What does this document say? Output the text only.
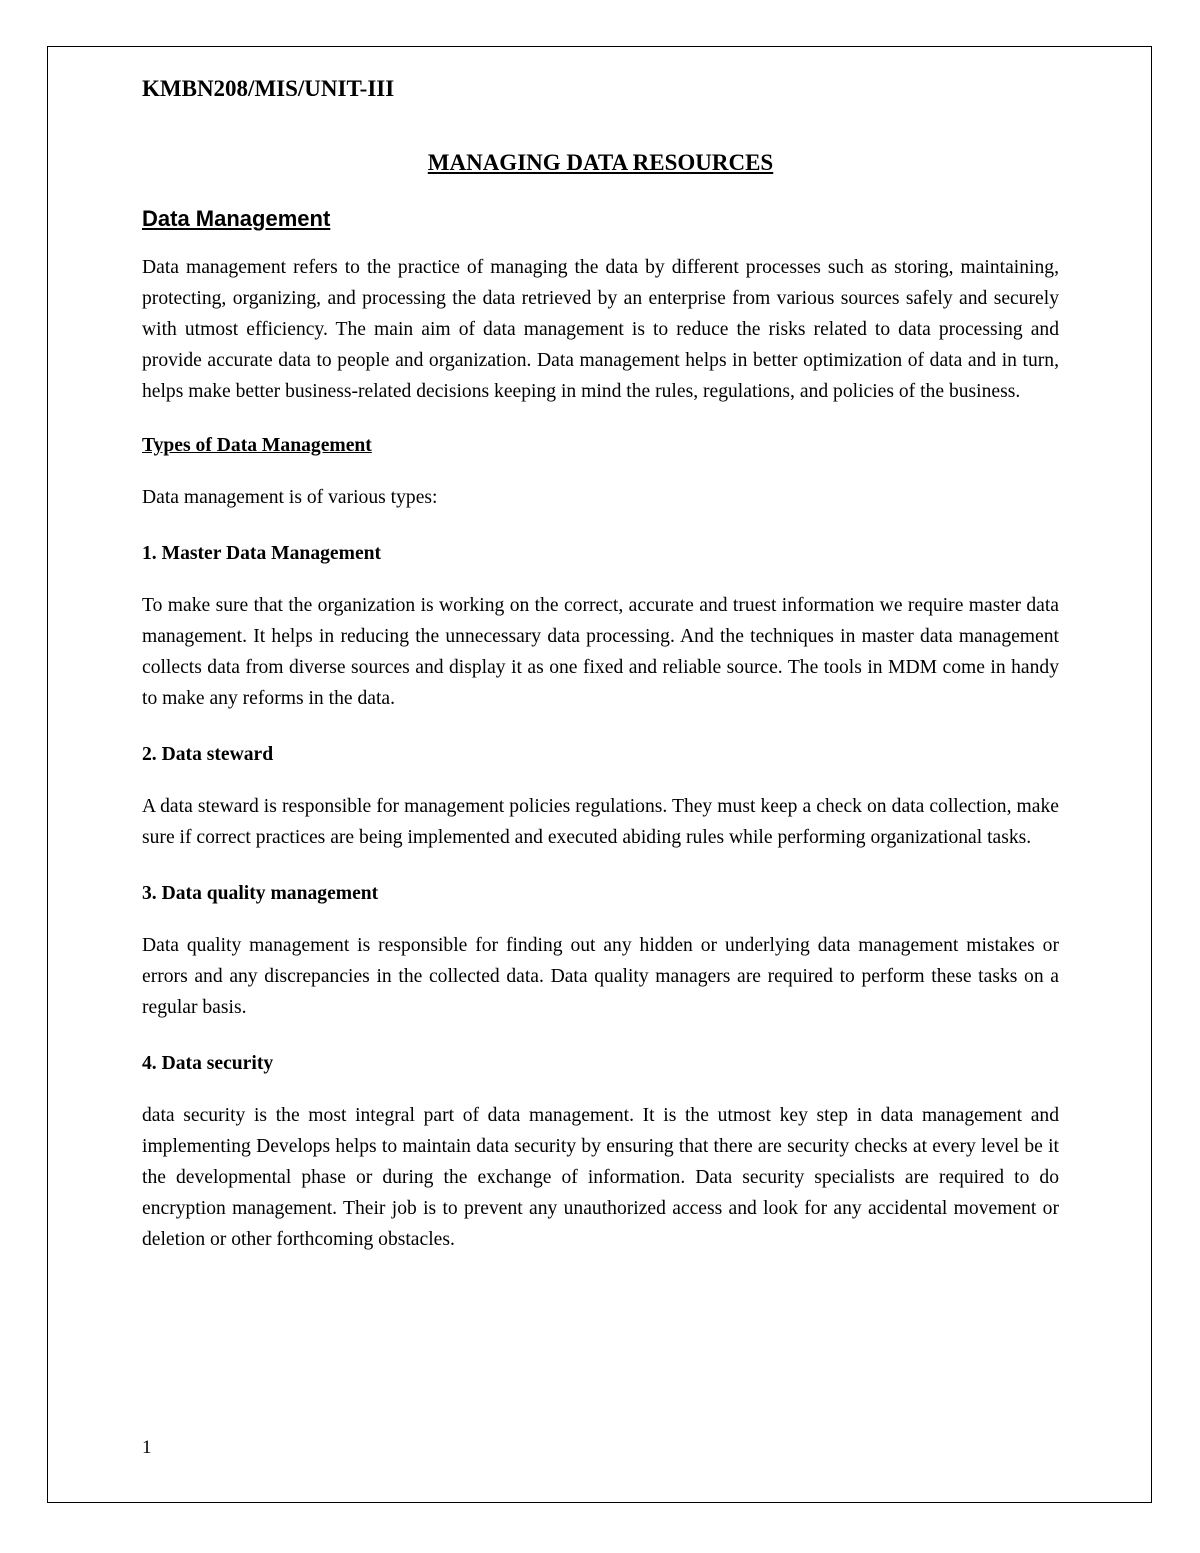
KMBN208/MIS/UNIT-III
MANAGING DATA RESOURCES
Data Management

Data management refers to the practice of managing the data by different processes such as storing, maintaining, protecting, organizing, and processing the data retrieved by an enterprise from various sources safely and securely with utmost efficiency. The main aim of data management is to reduce the risks related to data processing and provide accurate data to people and organization. Data management helps in better optimization of data and in turn, helps make better business-related decisions keeping in mind the rules, regulations, and policies of the business.

Types of Data Management

Data management is of various types:

1. Master Data Management

To make sure that the organization is working on the correct, accurate and truest information we require master data management. It helps in reducing the unnecessary data processing. And the techniques in master data management collects data from diverse sources and display it as one fixed and reliable source. The tools in MDM come in handy to make any reforms in the data.

2. Data steward

A data steward is responsible for management policies regulations. They must keep a check on data collection, make sure if correct practices are being implemented and executed abiding rules while performing organizational tasks.

3. Data quality management

Data quality management is responsible for finding out any hidden or underlying data management mistakes or errors and any discrepancies in the collected data. Data quality managers are required to perform these tasks on a regular basis.

4. Data security

data security is the most integral part of data management. It is the utmost key step in data management and implementing Develops helps to maintain data security by ensuring that there are security checks at every level be it the developmental phase or during the exchange of information. Data security specialists are required to do encryption management. Their job is to prevent any unauthorized access and look for any accidental movement or deletion or other forthcoming obstacles.

1
